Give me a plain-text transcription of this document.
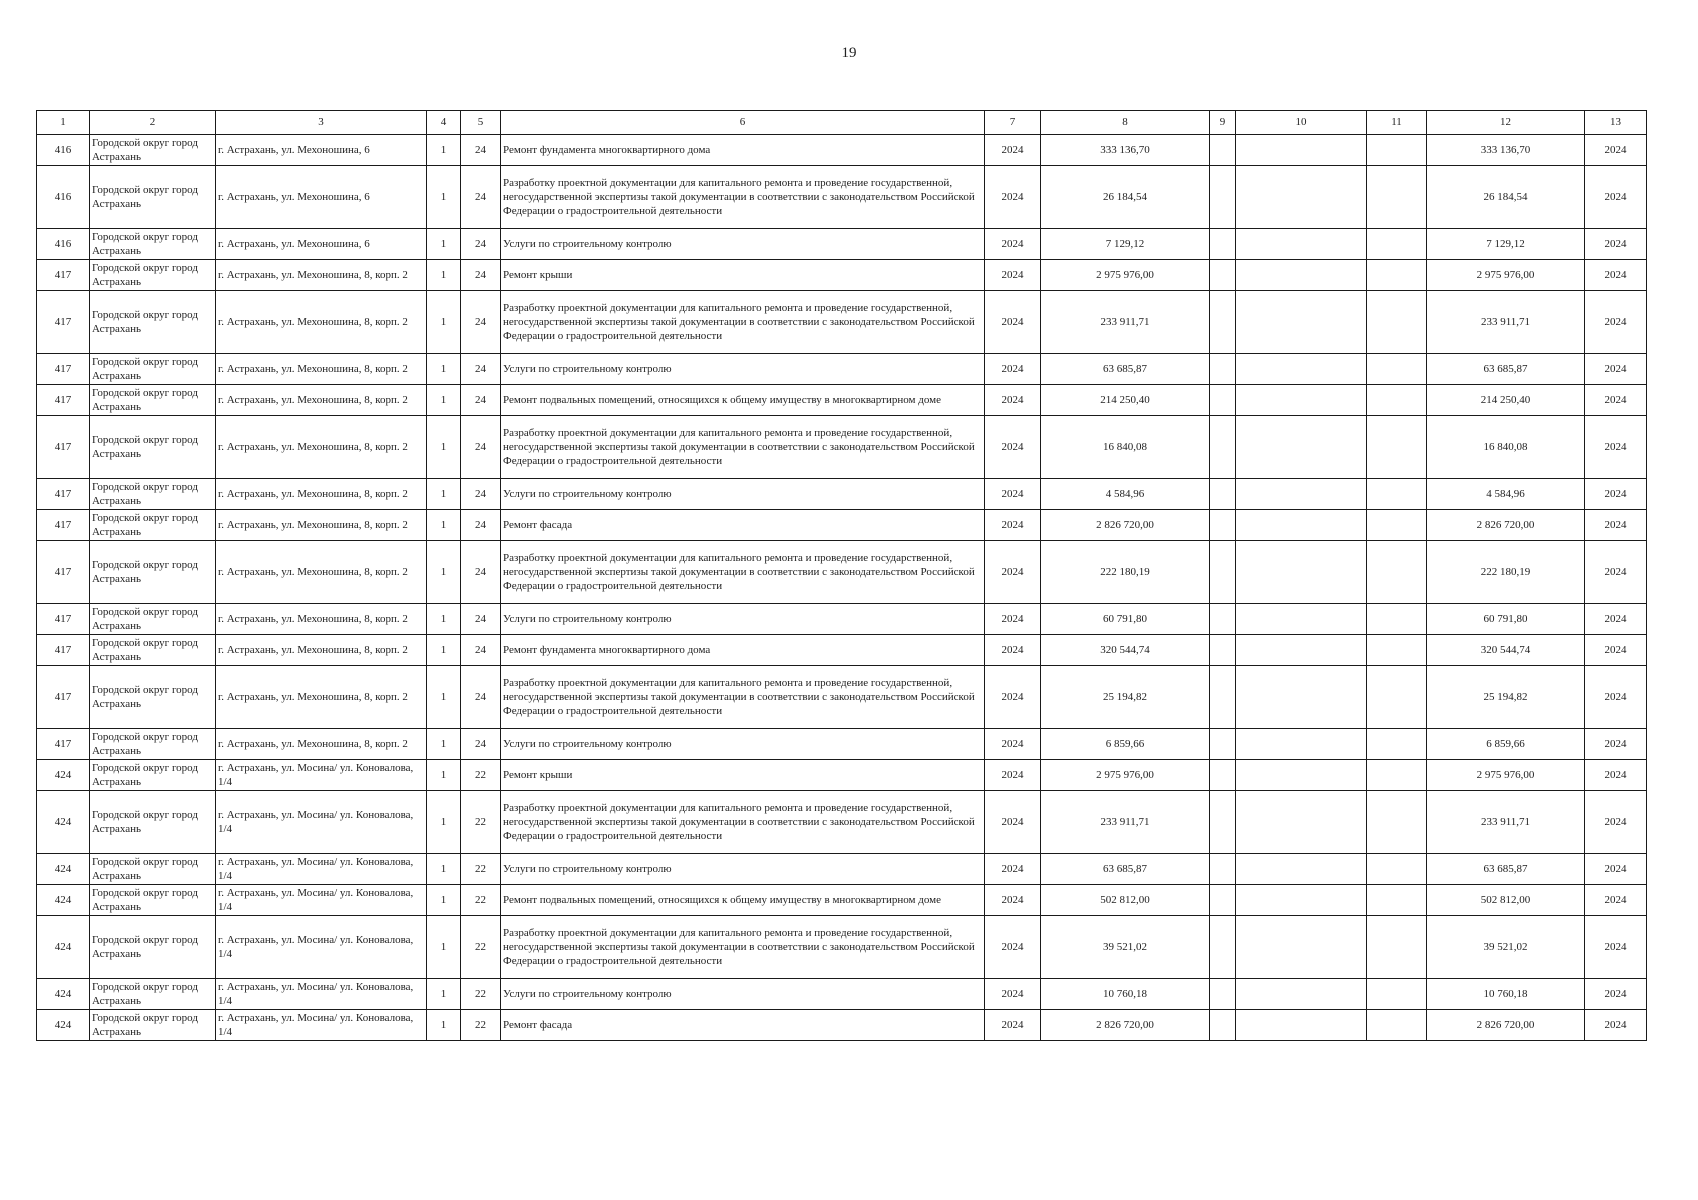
19
1	2	3	4	5	6	7	8	9	10	11	12	13
416	Городской округ город Астрахань	г. Астрахань, ул. Мехоношина, 6	1	24	Ремонт фундамента многоквартирного дома	2024	333 136,70				333 136,70	2024
416	Городской округ город Астрахань	г. Астрахань, ул. Мехоношина, 6	1	24	Разработку проектной документации для капитального ремонта и проведение государственной, негосударственной экспертизы такой документации в соответствии с законодательством Российской Федерации о градостроительной деятельности	2024	26 184,54				26 184,54	2024
416	Городской округ город Астрахань	г. Астрахань, ул. Мехоношина, 6	1	24	Услуги по строительному контролю	2024	7 129,12				7 129,12	2024
417	Городской округ город Астрахань	г. Астрахань, ул. Мехоношина, 8, корп. 2	1	24	Ремонт крыши	2024	2 975 976,00				2 975 976,00	2024
417	Городской округ город Астрахань	г. Астрахань, ул. Мехоношина, 8, корп. 2	1	24	Разработку проектной документации для капитального ремонта и проведение государственной, негосударственной экспертизы такой документации в соответствии с законодательством Российской Федерации о градостроительной деятельности	2024	233 911,71				233 911,71	2024
417	Городской округ город Астрахань	г. Астрахань, ул. Мехоношина, 8, корп. 2	1	24	Услуги по строительному контролю	2024	63 685,87				63 685,87	2024
417	Городской округ город Астрахань	г. Астрахань, ул. Мехоношина, 8, корп. 2	1	24	Ремонт подвальных помещений, относящихся к общему имуществу в многоквартирном доме	2024	214 250,40				214 250,40	2024
417	Городской округ город Астрахань	г. Астрахань, ул. Мехоношина, 8, корп. 2	1	24	Разработку проектной документации для капитального ремонта и проведение государственной, негосударственной экспертизы такой документации в соответствии с законодательством Российской Федерации о градостроительной деятельности	2024	16 840,08				16 840,08	2024
417	Городской округ город Астрахань	г. Астрахань, ул. Мехоношина, 8, корп. 2	1	24	Услуги по строительному контролю	2024	4 584,96				4 584,96	2024
417	Городской округ город Астрахань	г. Астрахань, ул. Мехоношина, 8, корп. 2	1	24	Ремонт фасада	2024	2 826 720,00				2 826 720,00	2024
417	Городской округ город Астрахань	г. Астрахань, ул. Мехоношина, 8, корп. 2	1	24	Разработку проектной документации для капитального ремонта и проведение государственной, негосударственной экспертизы такой документации в соответствии с законодательством Российской Федерации о градостроительной деятельности	2024	222 180,19				222 180,19	2024
417	Городской округ город Астрахань	г. Астрахань, ул. Мехоношина, 8, корп. 2	1	24	Услуги по строительному контролю	2024	60 791,80				60 791,80	2024
417	Городской округ город Астрахань	г. Астрахань, ул. Мехоношина, 8, корп. 2	1	24	Ремонт фундамента многоквартирного дома	2024	320 544,74				320 544,74	2024
417	Городской округ город Астрахань	г. Астрахань, ул. Мехоношина, 8, корп. 2	1	24	Разработку проектной документации для капитального ремонта и проведение государственной, негосударственной экспертизы такой документации в соответствии с законодательством Российской Федерации о градостроительной деятельности	2024	25 194,82				25 194,82	2024
417	Городской округ город Астрахань	г. Астрахань, ул. Мехоношина, 8, корп. 2	1	24	Услуги по строительному контролю	2024	6 859,66				6 859,66	2024
424	Городской округ город Астрахань	г. Астрахань, ул. Мосина/ ул. Коновалова, 1/4	1	22	Ремонт крыши	2024	2 975 976,00				2 975 976,00	2024
424	Городской округ город Астрахань	г. Астрахань, ул. Мосина/ ул. Коновалова, 1/4	1	22	Разработку проектной документации для капитального ремонта и проведение государственной, негосударственной экспертизы такой документации в соответствии с законодательством Российской Федерации о градостроительной деятельности	2024	233 911,71				233 911,71	2024
424	Городской округ город Астрахань	г. Астрахань, ул. Мосина/ ул. Коновалова, 1/4	1	22	Услуги по строительному контролю	2024	63 685,87				63 685,87	2024
424	Городской округ город Астрахань	г. Астрахань, ул. Мосина/ ул. Коновалова, 1/4	1	22	Ремонт подвальных помещений, относящихся к общему имуществу в многоквартирном доме	2024	502 812,00				502 812,00	2024
424	Городской округ город Астрахань	г. Астрахань, ул. Мосина/ ул. Коновалова, 1/4	1	22	Разработку проектной документации для капитального ремонта и проведение государственной, негосударственной экспертизы такой документации в соответствии с законодательством Российской Федерации о градостроительной деятельности	2024	39 521,02				39 521,02	2024
424	Городской округ город Астрахань	г. Астрахань, ул. Мосина/ ул. Коновалова, 1/4	1	22	Услуги по строительному контролю	2024	10 760,18				10 760,18	2024
424	Городской округ город Астрахань	г. Астрахань, ул. Мосина/ ул. Коновалова, 1/4	1	22	Ремонт фасада	2024	2 826 720,00				2 826 720,00	2024
